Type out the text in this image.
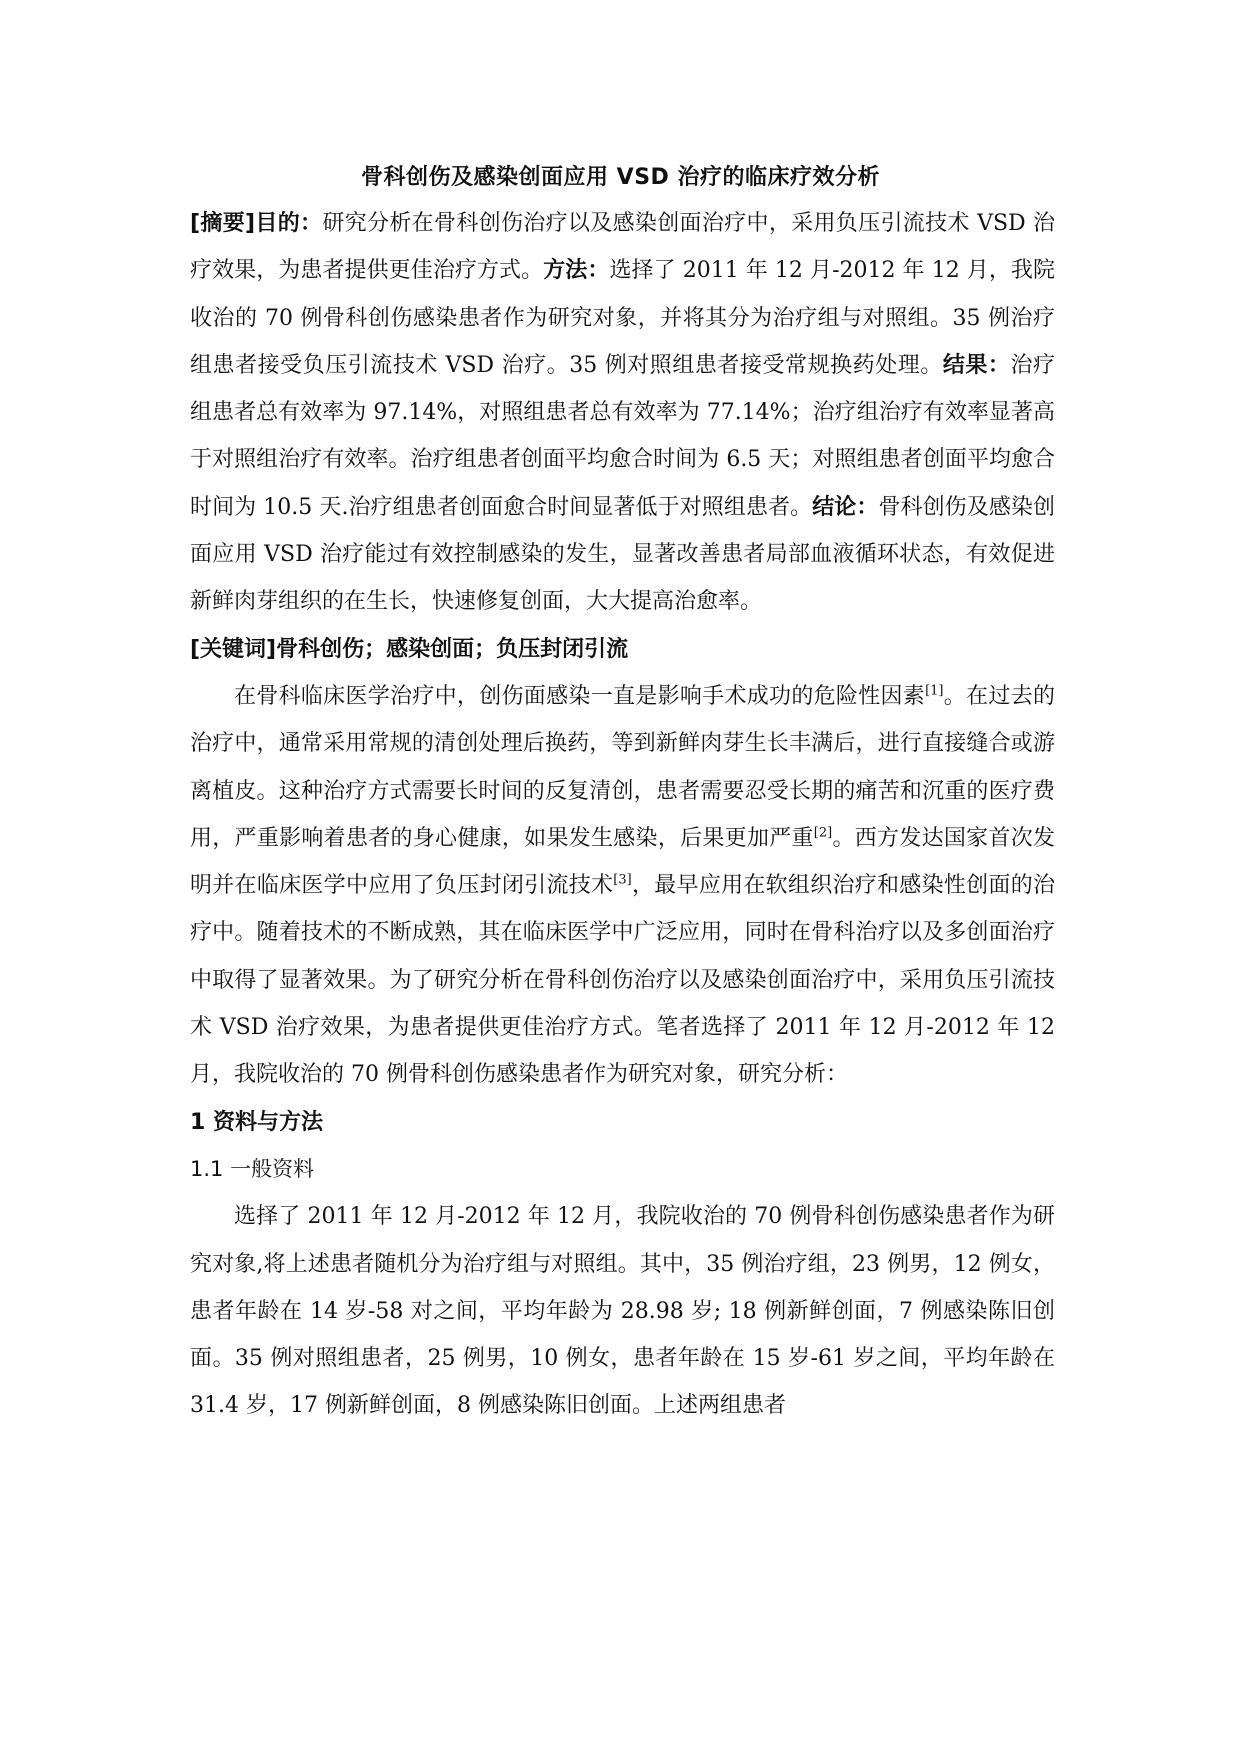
骨科创伤及感染创面应用 VSD 治疗的临床疗效分析

[摘要]目的：研究分析在骨科创伤治疗以及感染创面治疗中，采用负压引流技术 VSD 治疗效果，为患者提供更佳治疗方式。方法：选择了 2011 年 12 月-2012 年 12 月，我院收治的 70 例骨科创伤感染患者作为研究对象，并将其分为治疗组与对照组。35 例治疗组患者接受负压引流技术 VSD 治疗。35 例对照组患者接受常规换药处理。结果：治疗组患者总有效率为 97.14%，对照组患者总有效率为 77.14%；治疗组治疗有效率显著高于对照组治疗有效率。治疗组患者创面平均愈合时间为 6.5 天；对照组患者创面平均愈合时间为 10.5 天.治疗组患者创面愈合时间显著低于对照组患者。结论：骨科创伤及感染创面应用 VSD 治疗能过有效控制感染的发生，显著改善患者局部血液循环状态，有效促进新鲜肉芽组织的在生长，快速修复创面，大大提高治愈率。

[关键词]骨科创伤；感染创面；负压封闭引流

在骨科临床医学治疗中，创伤面感染一直是影响手术成功的危险性因素[1]。在过去的治疗中，通常采用常规的清创处理后换药，等到新鲜肉芽生长丰满后，进行直接缝合或游离植皮。这种治疗方式需要长时间的反复清创，患者需要忍受长期的痛苦和沉重的医疗费用，严重影响着患者的身心健康，如果发生感染，后果更加严重[2]。西方发达国家首次发明并在临床医学中应用了负压封闭引流技术[3]，最早应用在软组织治疗和感染性创面的治疗中。随着技术的不断成熟，其在临床医学中广泛应用，同时在骨科治疗以及多创面治疗中取得了显著效果。为了研究分析在骨科创伤治疗以及感染创面治疗中，采用负压引流技术 VSD 治疗效果，为患者提供更佳治疗方式。笔者选择了 2011 年 12 月-2012 年 12 月，我院收治的 70 例骨科创伤感染患者作为研究对象，研究分析：

1 资料与方法

1.1 一般资料

选择了 2011 年 12 月-2012 年 12 月，我院收治的 70 例骨科创伤感染患者作为研究对象,将上述患者随机分为治疗组与对照组。其中，35 例治疗组，23 例男，12 例女，患者年龄在 14 岁-58 对之间，平均年龄为 28.98 岁; 18 例新鲜创面，7 例感染陈旧创面。35 例对照组患者，25 例男，10 例女，患者年龄在 15 岁-61 岁之间，平均年龄在 31.4 岁，17 例新鲜创面，8 例感染陈旧创面。上述两组患者
